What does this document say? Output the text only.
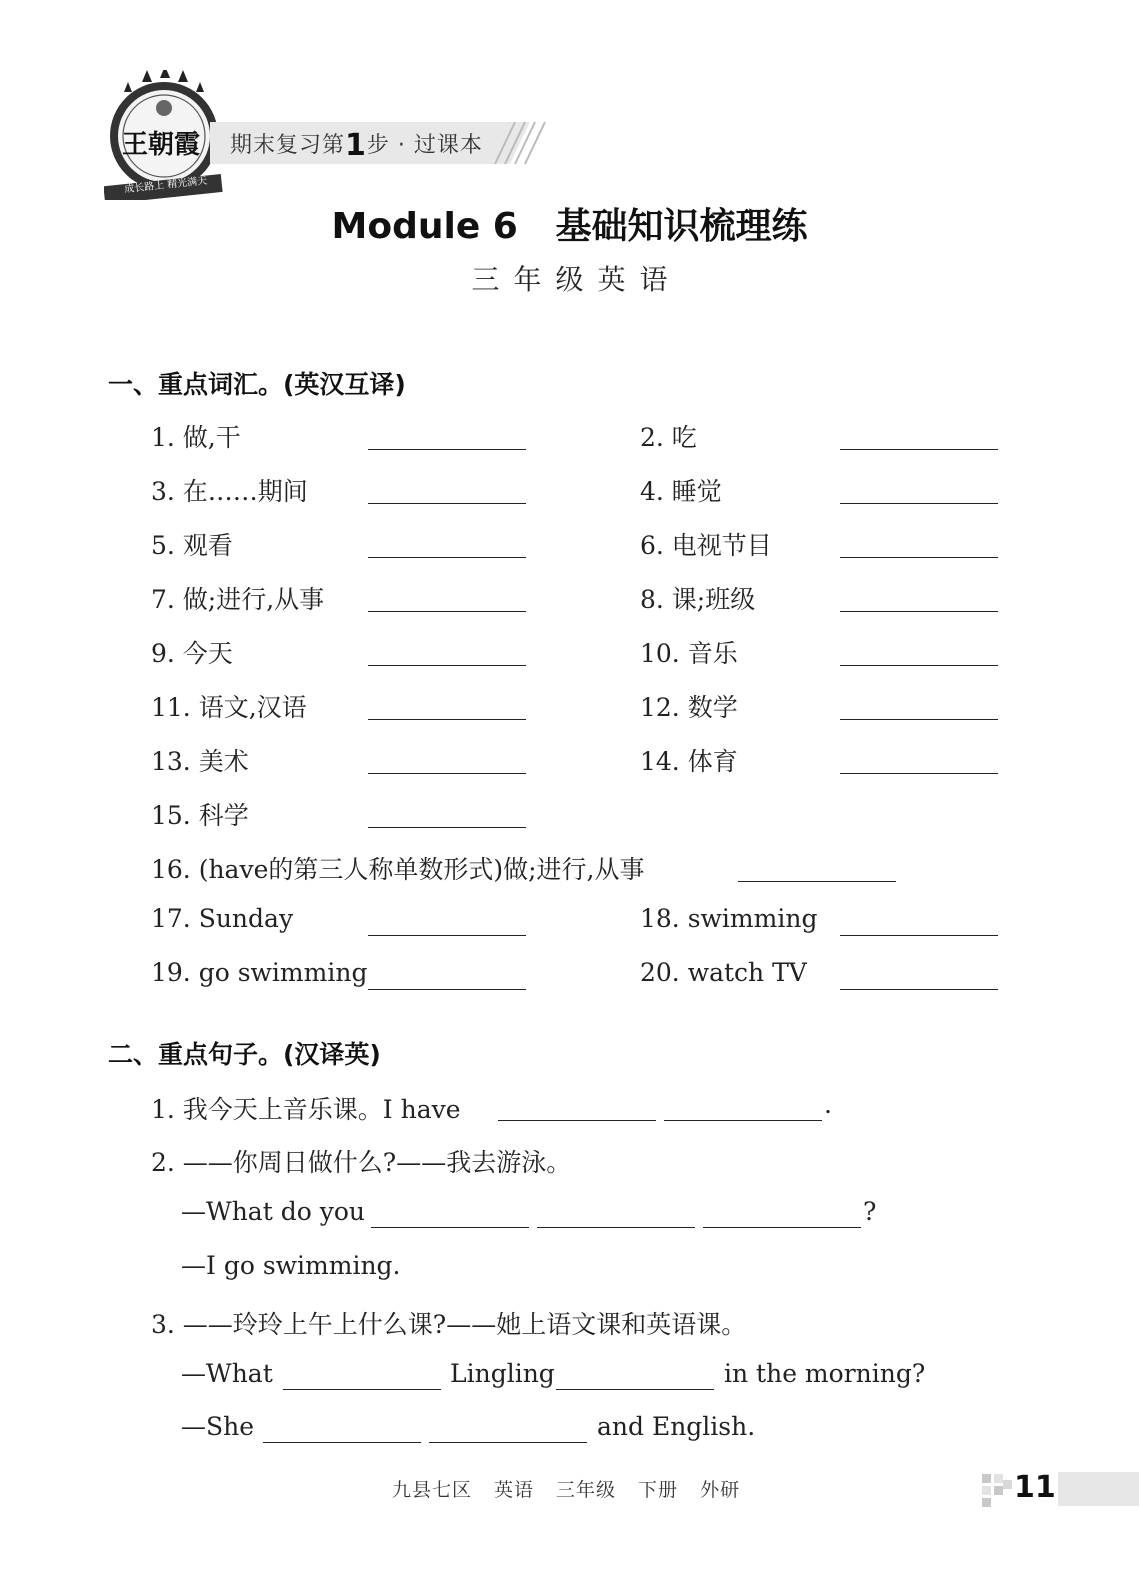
王朝霞
成长路上 精光满天
期末复习第1步 · 过课本
Module 6   基础知识梳理练
三年级英语
一、重点词汇。(英汉互译)
1. 做,干	2. 吃
3. 在……期间	4. 睡觉
5. 观看	6. 电视节目
7. 做;进行,从事	8. 课;班级
9. 今天	10. 音乐
11. 语文,汉语	12. 数学
13. 美术	14. 体育
15. 科学
16. (have的第三人称单数形式)做;进行,从事
17. Sunday	18. swimming
19. go swimming	20. watch TV
二、重点句子。(汉译英)
1. 我今天上音乐课。I have	.
2. ——你周日做什么?——我去游泳。
—What do you	?
—I go swimming.
3. ——玲玲上午上什么课?——她上语文课和英语课。
—What	Lingling	in the morning?
—She	and English.
九县七区 英语 三年级 下册 外研	11
